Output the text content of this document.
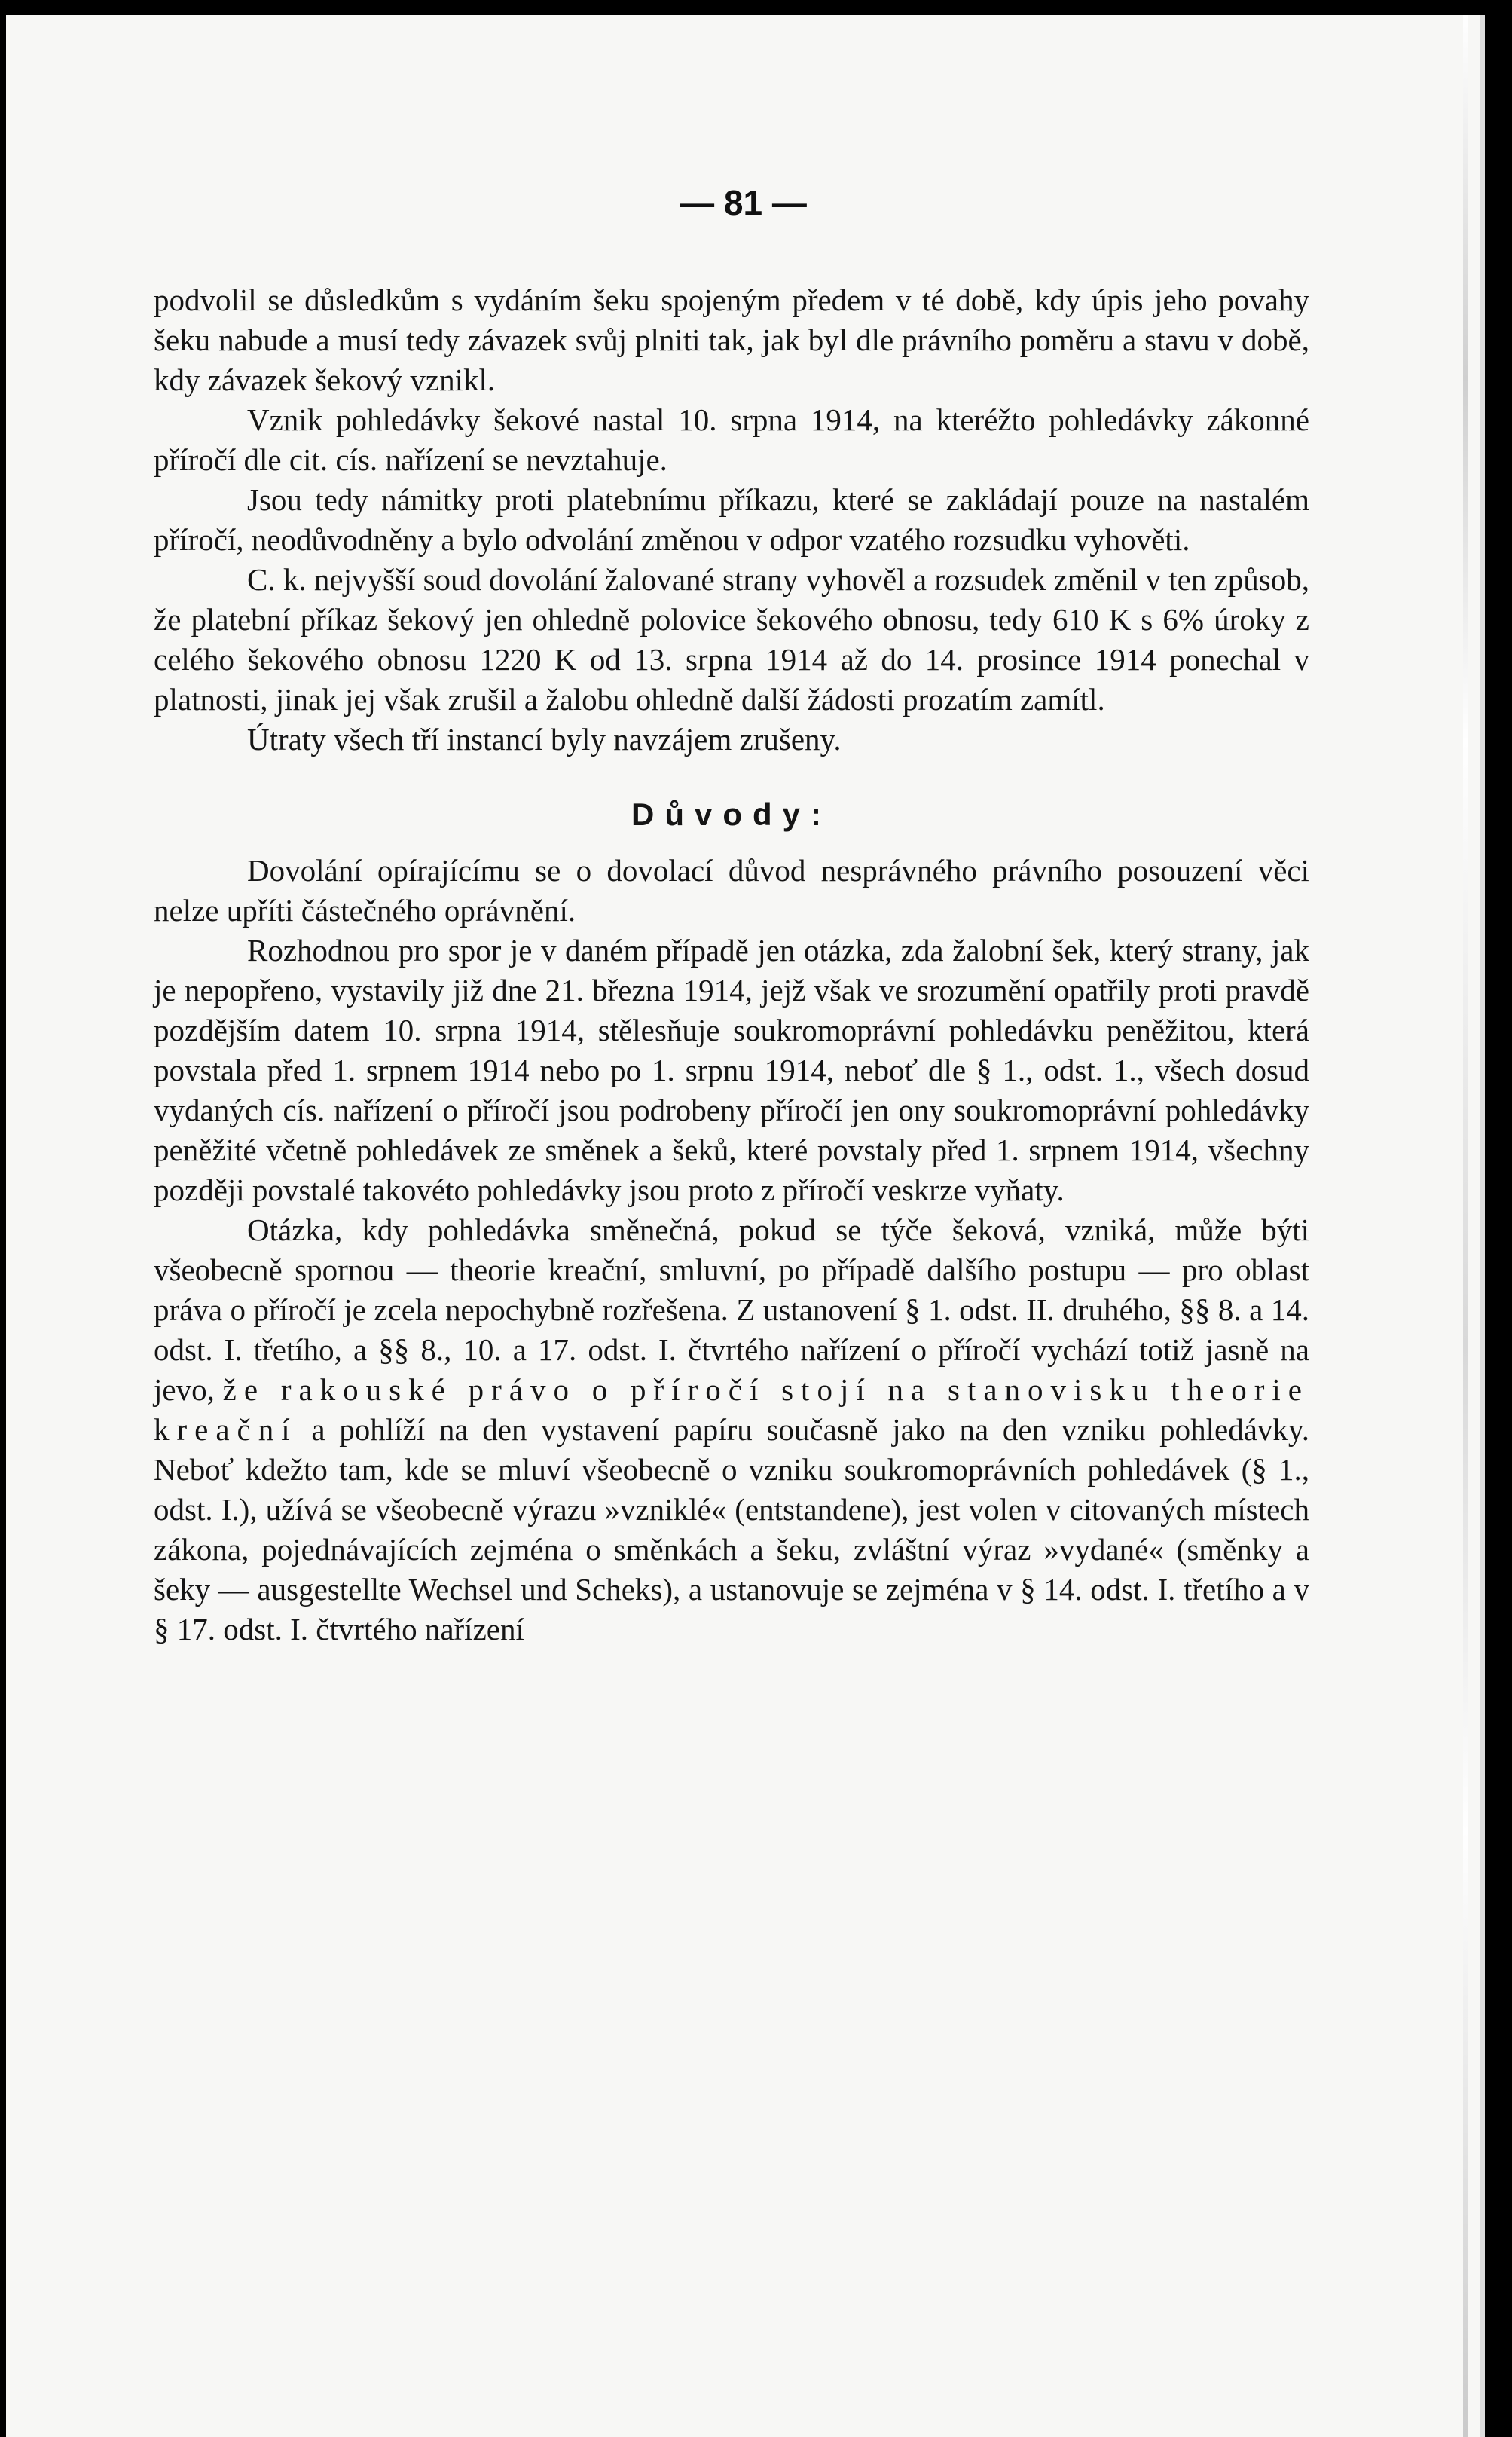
— 81 —

podvolil se důsledkům s vydáním šeku spojeným předem v té době, kdy úpis jeho povahy šeku nabude a musí tedy závazek svůj plniti tak, jak byl dle právního poměru a stavu v době, kdy závazek šekový vznikl.

Vznik pohledávky šekové nastal 10. srpna 1914, na kteréžto pohledávky zákonné příročí dle cit. cís. nařízení se nevztahuje.

Jsou tedy námitky proti platebnímu příkazu, které se zakládají pouze na nastalém příročí, neodůvodněny a bylo odvolání změnou v odpor vzatého rozsudku vyhověti.

C. k. nejvyšší soud dovolání žalované strany vyhověl a rozsudek změnil v ten způsob, že platební příkaz šekový jen ohledně polovice šekového obnosu, tedy 610 K s 6% úroky z celého šekového obnosu 1220 K od 13. srpna 1914 až do 14. prosince 1914 ponechal v platnosti, jinak jej však zrušil a žalobu ohledně další žádosti prozatím zamítl.

Útraty všech tří instancí byly navzájem zrušeny.

Důvody:

Dovolání opírajícímu se o dovolací důvod nesprávného právního posouzení věci nelze upříti částečného oprávnění.

Rozhodnou pro spor je v daném případě jen otázka, zda žalobní šek, který strany, jak je nepopřeno, vystavily již dne 21. března 1914, jejž však ve srozumění opatřily proti pravdě pozdějším datem 10. srpna 1914, stělesňuje soukromoprávní pohledávku peněžitou, která povstala před 1. srpnem 1914 nebo po 1. srpnu 1914, neboť dle § 1., odst. 1., všech dosud vydaných cís. nařízení o příročí jsou podrobeny příročí jen ony soukromoprávní pohledávky peněžité včetně pohledávek ze směnek a šeků, které povstaly před 1. srpnem 1914, všechny později povstalé takovéto pohledávky jsou proto z příročí veskrze vyňaty.

Otázka, kdy pohledávka směnečná, pokud se týče šeková, vzniká, může býti všeobecně spornou — theorie kreační, smluvní, po případě dalšího postupu — pro oblast práva o příročí je zcela nepochybně rozřešena. Z ustanovení § 1. odst. II. druhého, §§ 8. a 14. odst. I. třetího, a §§ 8., 10. a 17. odst. I. čtvrtého nařízení o příročí vychází totiž jasně na jevo, že rakouské právo o příročí stojí na stanovisku theorie kreační a pohlíží na den vystavení papíru současně jako na den vzniku pohledávky. Neboť kdežto tam, kde se mluví všeobecně o vzniku soukromoprávních pohledávek (§ 1., odst. I.), užívá se všeobecně výrazu »vzniklé« (entstandene), jest volen v citovaných místech zákona, pojednávajících zejména o směnkách a šeku, zvláštní výraz »vydané« (směnky a šeky — ausgestellte Wechsel und Scheks), a ustanovuje se zejména v § 14. odst. I. třetího a v § 17. odst. I. čtvrtého nařízení
